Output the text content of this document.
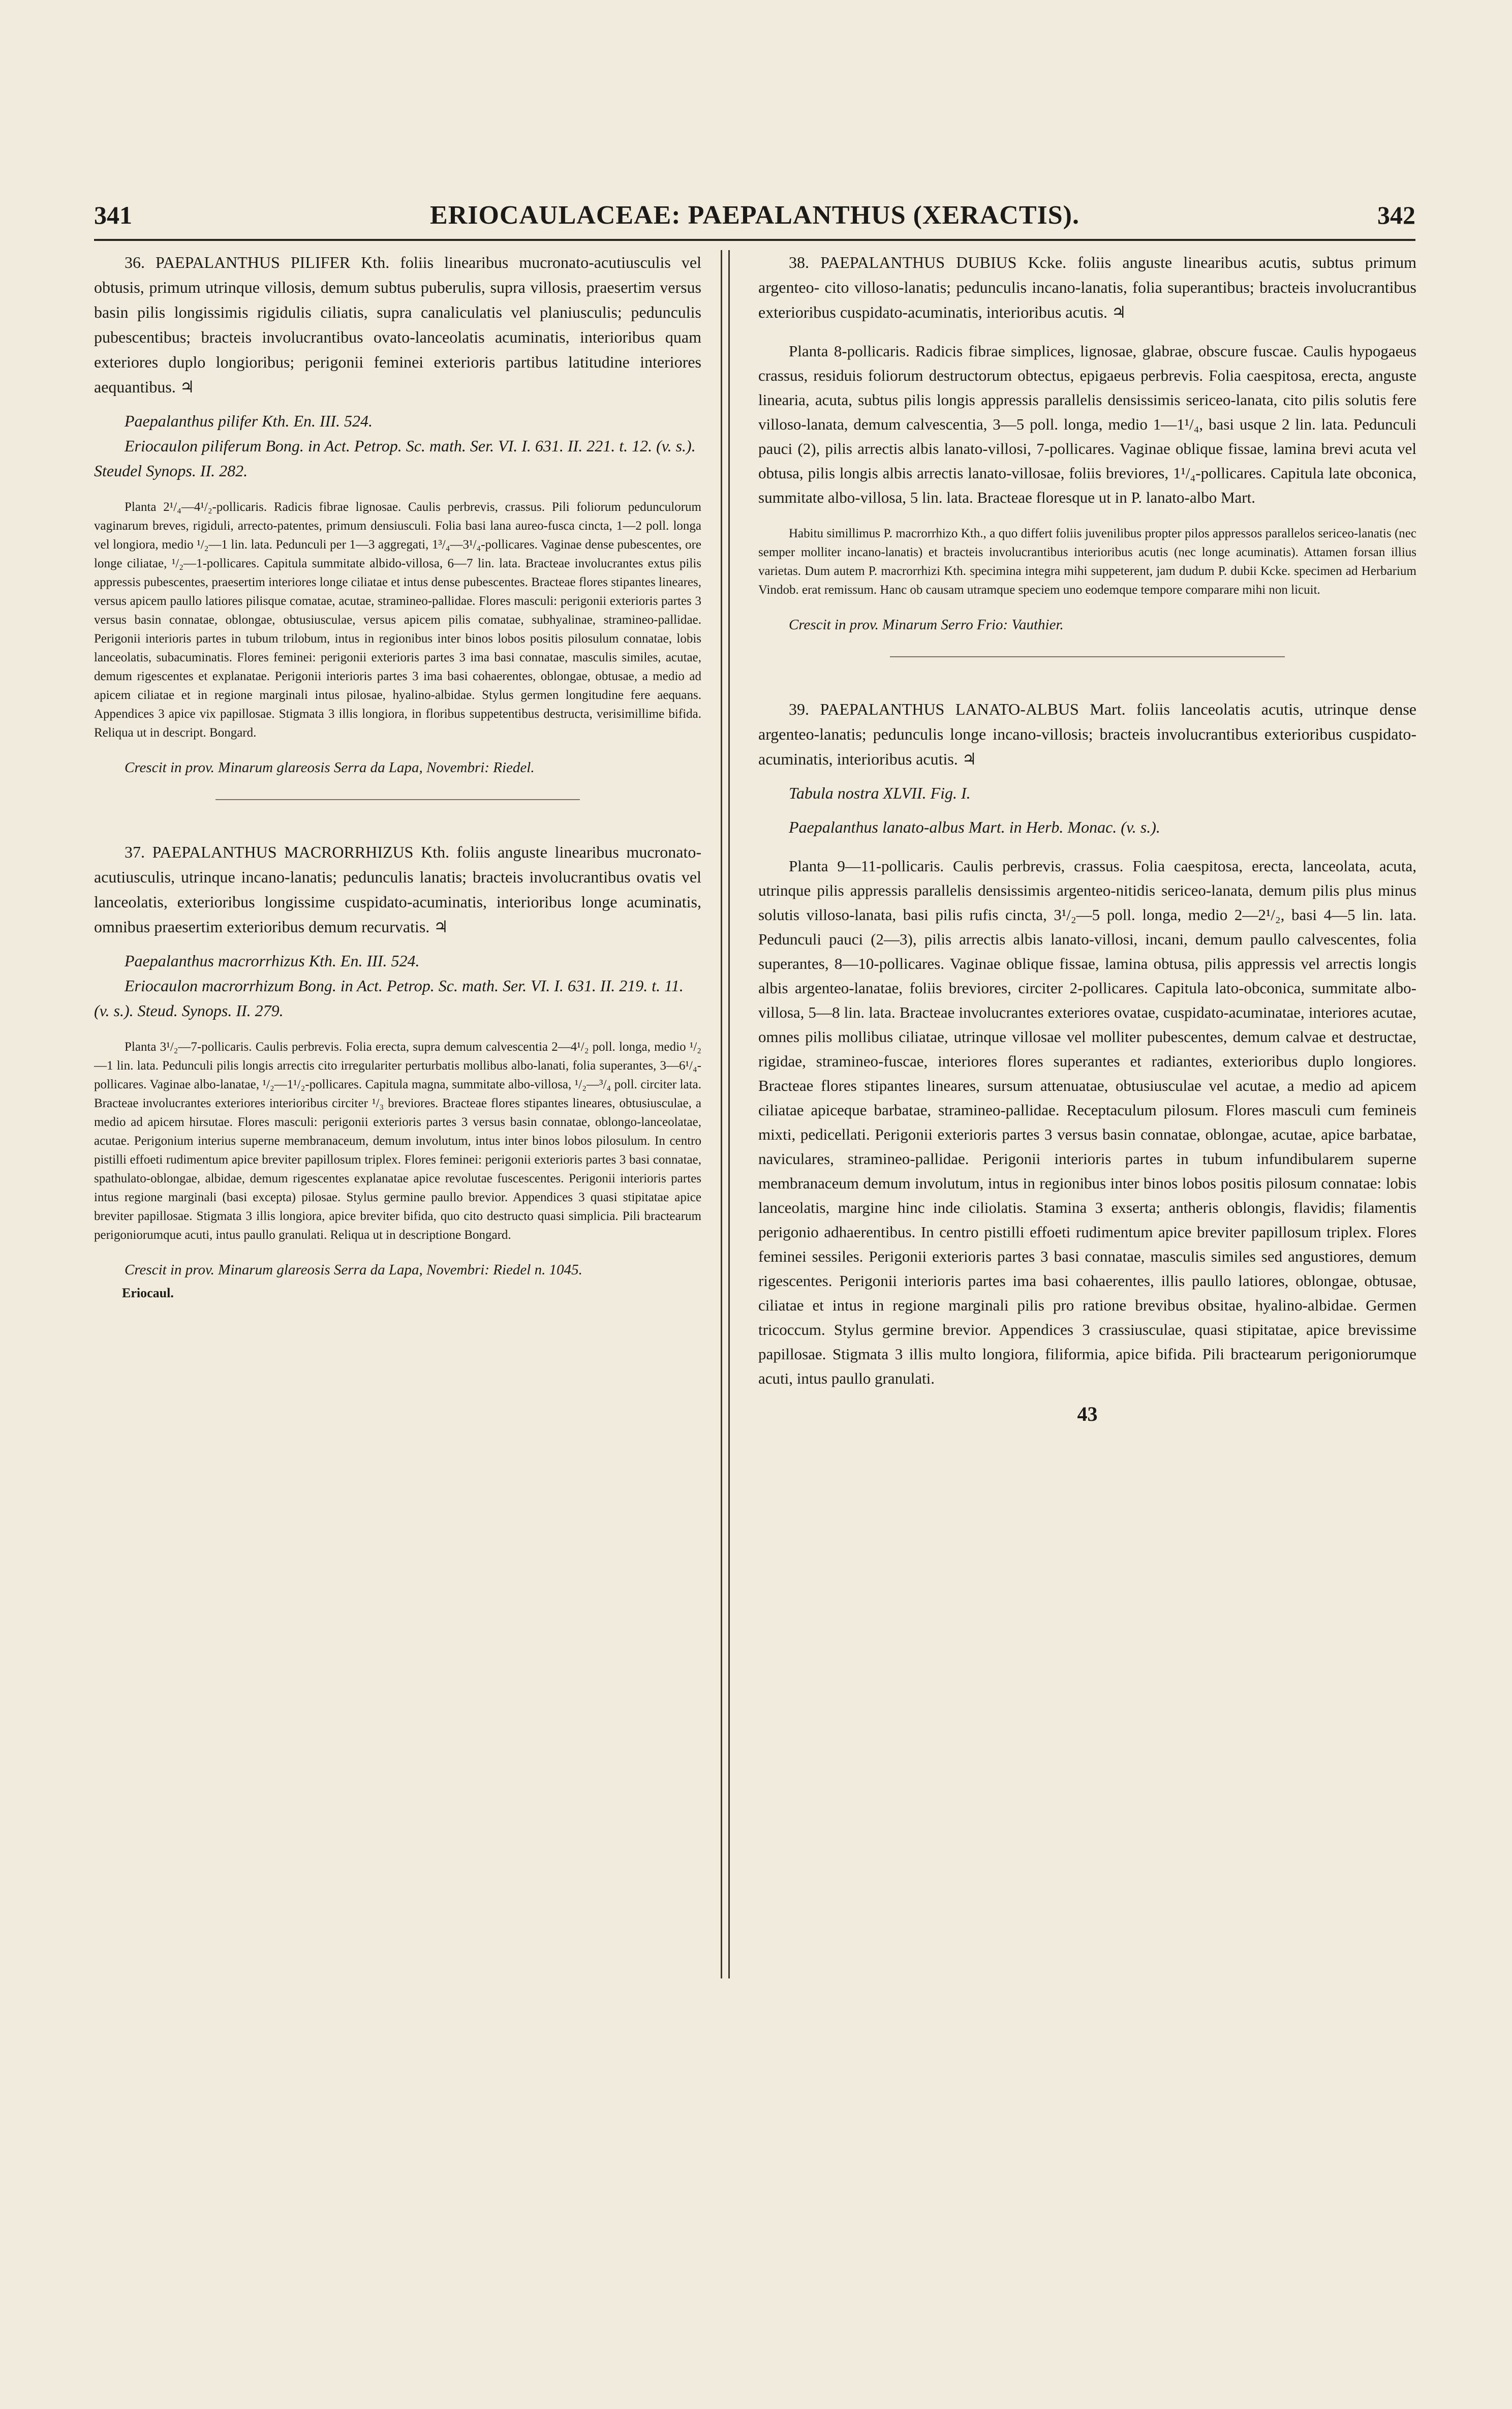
341	ERIOCAULACEAE: PAEPALANTHUS (XERACTIS).	342

36. PAEPALANTHUS PILIFER Kth. foliis linearibus mucronato-acutiusculis vel obtusis, primum utrinque villosis, demum subtus puberulis, supra villosis, praesertim versus basin pilis longissimis rigidulis ciliatis, supra canaliculatis vel planiusculis; pedunculis pubescentibus; bracteis involucrantibus ovato-lanceolatis acuminatis, interioribus quam exteriores duplo longioribus; perigonii feminei exterioris partibus latitudine interiores aequantibus. ♃

Paepalanthus pilifer Kth. En. III. 524.

Eriocaulon piliferum Bong. in Act. Petrop. Sc. math. Ser. VI. I. 631. II. 221. t. 12. (v. s.). Steudel Synops. II. 282.

Planta 2¹/₄—4¹/₂-pollicaris. Radicis fibrae lignosae. Caulis perbrevis, crassus. Pili foliorum pedunculorum vaginarum breves, rigiduli, arrecto-patentes, primum densiusculi. Folia basi lana aureo-fusca cincta, 1—2 poll. longa vel longiora, medio ¹/₂—1 lin. lata. Pedunculi per 1—3 aggregati, 1³/₄—3¹/₄-pollicares. Vaginae dense pubescentes, ore longe ciliatae, ¹/₂—1-pollicares. Capitula summitate albido-villosa, 6—7 lin. lata. Bracteae involucrantes extus pilis appressis pubescentes, praesertim interiores longe ciliatae et intus dense pubescentes. Bracteae flores stipantes lineares, versus apicem paullo latiores pilisque comatae, acutae, stramineo-pallidae. Flores masculi: perigonii exterioris partes 3 versus basin connatae, oblongae, obtusiusculae, versus apicem pilis comatae, subhyalinae, stramineo-pallidae. Perigonii interioris partes in tubum trilobum, intus in regionibus inter binos lobos positis pilosulum connatae, lobis lanceolatis, subacuminatis. Flores feminei: perigonii exterioris partes 3 ima basi connatae, masculis similes, acutae, demum rigescentes et explanatae. Perigonii interioris partes 3 ima basi cohaerentes, oblongae, obtusae, a medio ad apicem ciliatae et in regione marginali intus pilosae, hyalino-albidae. Stylus germen longitudine fere aequans. Appendices 3 apice vix papillosae. Stigmata 3 illis longiora, in floribus suppetentibus destructa, verisimillime bifida. Reliqua ut in descript. Bongard.

Crescit in prov. Minarum glareosis Serra da Lapa, Novembri: Riedel.

37. PAEPALANTHUS MACRORRHIZUS Kth. foliis anguste linearibus mucronato-acutiusculis, utrinque incano-lanatis; pedunculis lanatis; bracteis involucrantibus ovatis vel lanceolatis, exterioribus longissime cuspidato-acuminatis, interioribus longe acuminatis, omnibus praesertim exterioribus demum recurvatis. ♃

Paepalanthus macrorrhizus Kth. En. III. 524.

Eriocaulon macrorrhizum Bong. in Act. Petrop. Sc. math. Ser. VI. I. 631. II. 219. t. 11. (v. s.). Steud. Synops. II. 279.

Planta 3¹/₂—7-pollicaris. Caulis perbrevis. Folia erecta, supra demum calvescentia 2—4¹/₂ poll. longa, medio ¹/₂—1 lin. lata. Pedunculi pilis longis arrectis cito irregulariter perturbatis mollibus albo-lanati, folia superantes, 3—6¹/₄-pollicares. Vaginae albo-lanatae, ¹/₂—1¹/₂-pollicares. Capitula magna, summitate albo-villosa, ¹/₂—³/₄ poll. circiter lata. Bracteae involucrantes exteriores interioribus circiter ¹/₃ breviores. Bracteae flores stipantes lineares, obtusiusculae, a medio ad apicem hirsutae. Flores masculi: perigonii exterioris partes 3 versus basin connatae, oblongo-lanceolatae, acutae. Perigonium interius superne membranaceum, demum involutum, intus inter binos lobos pilosulum. In centro pistilli effoeti rudimentum apice breviter papillosum triplex. Flores feminei: perigonii exterioris partes 3 basi connatae, spathulato-oblongae, albidae, demum rigescentes explanatae apice revolutae fuscescentes. Perigonii interioris partes intus regione marginali (basi excepta) pilosae. Stylus germine paullo brevior. Appendices 3 quasi stipitatae apice breviter papillosae. Stigmata 3 illis longiora, apice breviter bifida, quo cito destructo quasi simplicia. Pili bractearum perigoniorumque acuti, intus paullo granulati. Reliqua ut in descriptione Bongard.

Crescit in prov. Minarum glareosis Serra da Lapa, Novembri: Riedel n. 1045.

Eriocaul.

38. PAEPALANTHUS DUBIUS Kcke. foliis anguste linearibus acutis, subtus primum argenteo- cito villoso-lanatis; pedunculis incano-lanatis, folia superantibus; bracteis involucrantibus exterioribus cuspidato-acuminatis, interioribus acutis. ♃

Planta 8-pollicaris. Radicis fibrae simplices, lignosae, glabrae, obscure fuscae. Caulis hypogaeus crassus, residuis foliorum destructorum obtectus, epigaeus perbrevis. Folia caespitosa, erecta, anguste linearia, acuta, subtus pilis longis appressis parallelis densissimis sericeo-lanata, cito pilis solutis fere villoso-lanata, demum calvescentia, 3—5 poll. longa, medio 1—1¹/₄, basi usque 2 lin. lata. Pedunculi pauci (2), pilis arrectis albis lanato-villosi, 7-pollicares. Vaginae oblique fissae, lamina brevi acuta vel obtusa, pilis longis albis arrectis lanato-villosae, foliis breviores, 1¹/₄-pollicares. Capitula late obconica, summitate albo-villosa, 5 lin. lata. Bracteae floresque ut in P. lanato-albo Mart.

Habitu simillimus P. macrorrhizo Kth., a quo differt foliis juvenilibus propter pilos appressos parallelos sericeo-lanatis (nec semper molliter incano-lanatis) et bracteis involucrantibus interioribus acutis (nec longe acuminatis). Attamen forsan illius varietas. Dum autem P. macrorrhizi Kth. specimina integra mihi suppeterent, jam dudum P. dubii Kcke. specimen ad Herbarium Vindob. erat remissum. Hanc ob causam utramque speciem uno eodemque tempore comparare mihi non licuit.

Crescit in prov. Minarum Serro Frio: Vauthier.

39. PAEPALANTHUS LANATO-ALBUS Mart. foliis lanceolatis acutis, utrinque dense argenteo-lanatis; pedunculis longe incano-villosis; bracteis involucrantibus exterioribus cuspidato-acuminatis, interioribus acutis. ♃

Tabula nostra XLVII. Fig. I.

Paepalanthus lanato-albus Mart. in Herb. Monac. (v. s.).

Planta 9—11-pollicaris. Caulis perbrevis, crassus. Folia caespitosa, erecta, lanceolata, acuta, utrinque pilis appressis parallelis densissimis argenteo-nitidis sericeo-lanata, demum pilis plus minus solutis villoso-lanata, basi pilis rufis cincta, 3¹/₂—5 poll. longa, medio 2—2¹/₂, basi 4—5 lin. lata. Pedunculi pauci (2—3), pilis arrectis albis lanato-villosi, incani, demum paullo calvescentes, folia superantes, 8—10-pollicares. Vaginae oblique fissae, lamina obtusa, pilis appressis vel arrectis longis albis argenteo-lanatae, foliis breviores, circiter 2-pollicares. Capitula lato-obconica, summitate albo-villosa, 5—8 lin. lata. Bracteae involucrantes exteriores ovatae, cuspidato-acuminatae, interiores acutae, omnes pilis mollibus ciliatae, utrinque villosae vel molliter pubescentes, demum calvae et destructae, rigidae, stramineo-fuscae, interiores flores superantes et radiantes, exterioribus duplo longiores. Bracteae flores stipantes lineares, sursum attenuatae, obtusiusculae vel acutae, a medio ad apicem ciliatae apiceque barbatae, stramineo-pallidae. Receptaculum pilosum. Flores masculi cum femineis mixti, pedicellati. Perigonii exterioris partes 3 versus basin connatae, oblongae, acutae, apice barbatae, naviculares, stramineo-pallidae. Perigonii interioris partes in tubum infundibularem superne membranaceum demum involutum, intus in regionibus inter binos lobos positis pilosum connatae: lobis lanceolatis, margine hinc inde ciliolatis. Stamina 3 exserta; antheris oblongis, flavidis; filamentis perigonio adhaerentibus. In centro pistilli effoeti rudimentum apice breviter papillosum triplex. Flores feminei sessiles. Perigonii exterioris partes 3 basi connatae, masculis similes sed angustiores, demum rigescentes. Perigonii interioris partes ima basi cohaerentes, illis paullo latiores, oblongae, obtusae, ciliatae et intus in regione marginali pilis pro ratione brevibus obsitae, hyalino-albidae. Germen tricoccum. Stylus germine brevior. Appendices 3 crassiusculae, quasi stipitatae, apice brevissime papillosae. Stigmata 3 illis multo longiora, filiformia, apice bifida. Pili bractearum perigoniorumque acuti, intus paullo granulati.

43
